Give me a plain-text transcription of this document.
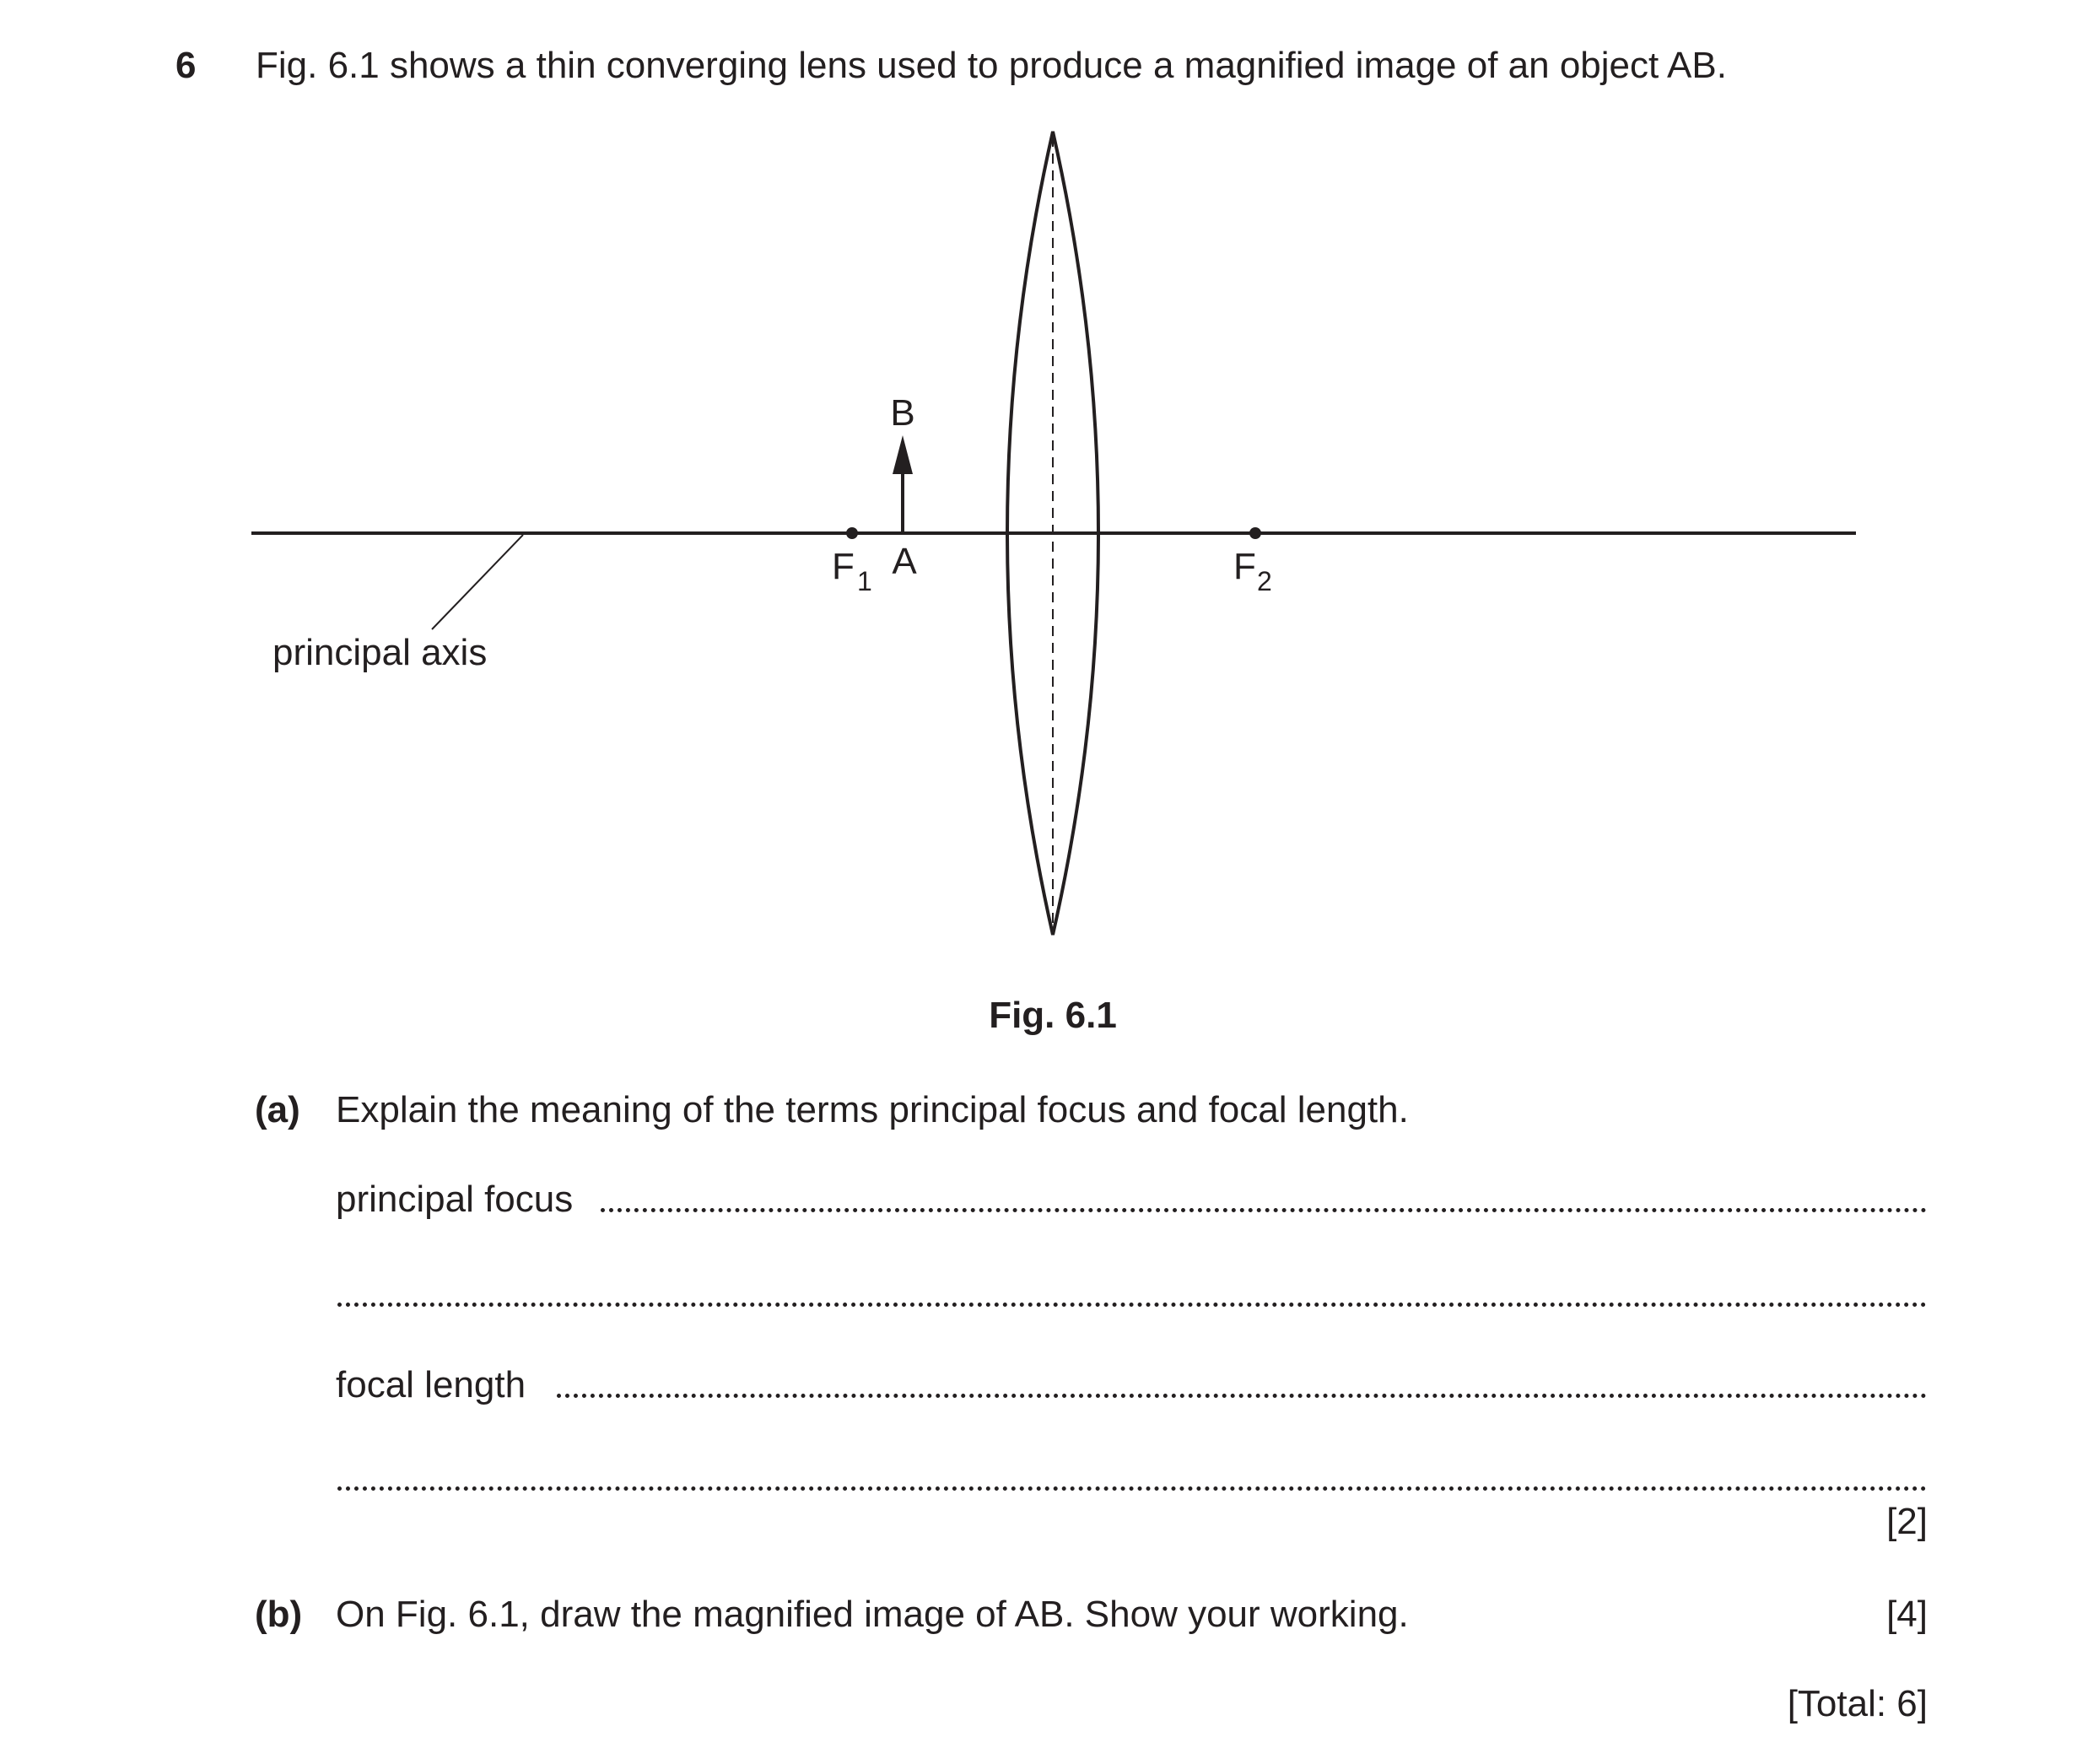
6 Fig. 6.1 shows a thin converging lens used to produce a magnified image of an object AB.
B
A
F 1	F 2
principal axis
Fig. 6.1
(a) Explain the meaning of the terms principal focus and focal length.
principal focus
focal length
[2]
(b) On Fig. 6.1, draw the magnified image of AB. Show your working.	[4]
[Total: 6]
